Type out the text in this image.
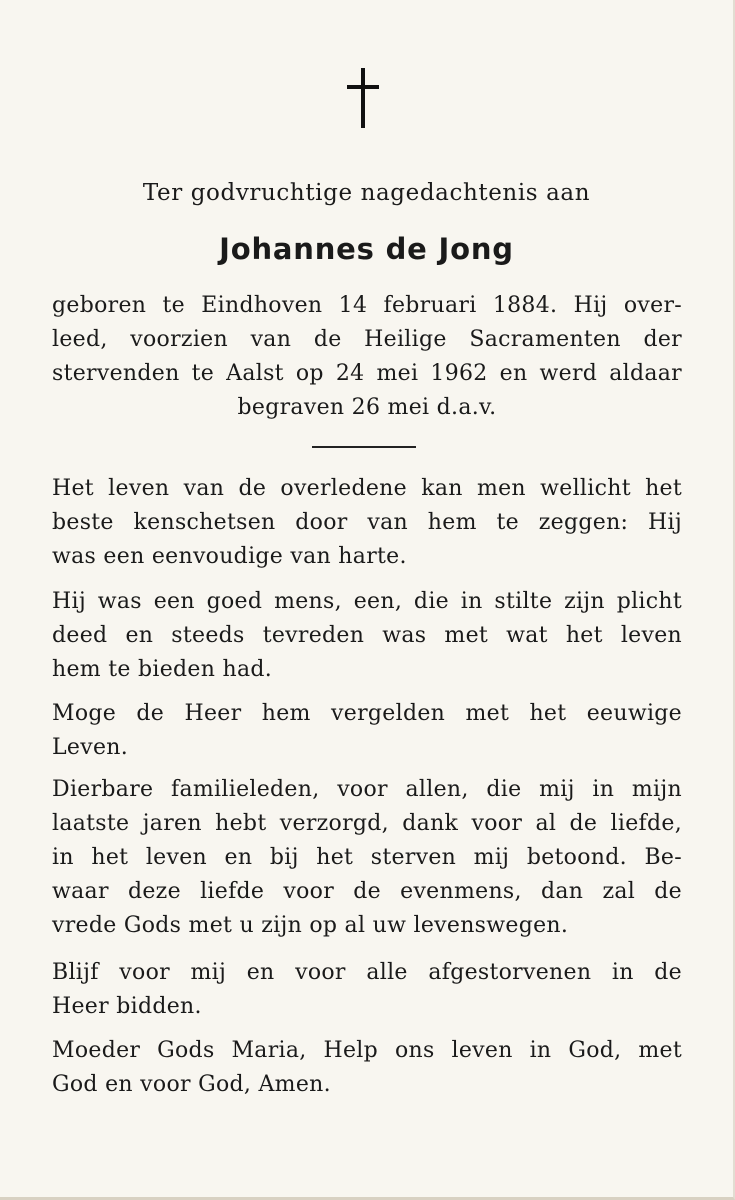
Ter godvruchtige nagedachtenis aan
Johannes de Jong
geboren te Eindhoven 14 februari 1884. Hij over-
leed, voorzien van de Heilige Sacramenten der
stervenden te Aalst op 24 mei 1962 en werd aldaar
begraven 26 mei d.a.v.
Het leven van de overledene kan men wellicht het
beste kenschetsen door van hem te zeggen: Hij
was een eenvoudige van harte.
Hij was een goed mens, een, die in stilte zijn plicht
deed en steeds tevreden was met wat het leven
hem te bieden had.
Moge de Heer hem vergelden met het eeuwige
Leven.
Dierbare familieleden, voor allen, die mij in mijn
laatste jaren hebt verzorgd, dank voor al de liefde,
in het leven en bij het sterven mij betoond. Be-
waar deze liefde voor de evenmens, dan zal de
vrede Gods met u zijn op al uw levenswegen.
Blijf voor mij en voor alle afgestorvenen in de
Heer bidden.
Moeder Gods Maria, Help ons leven in God, met
God en voor God, Amen.
